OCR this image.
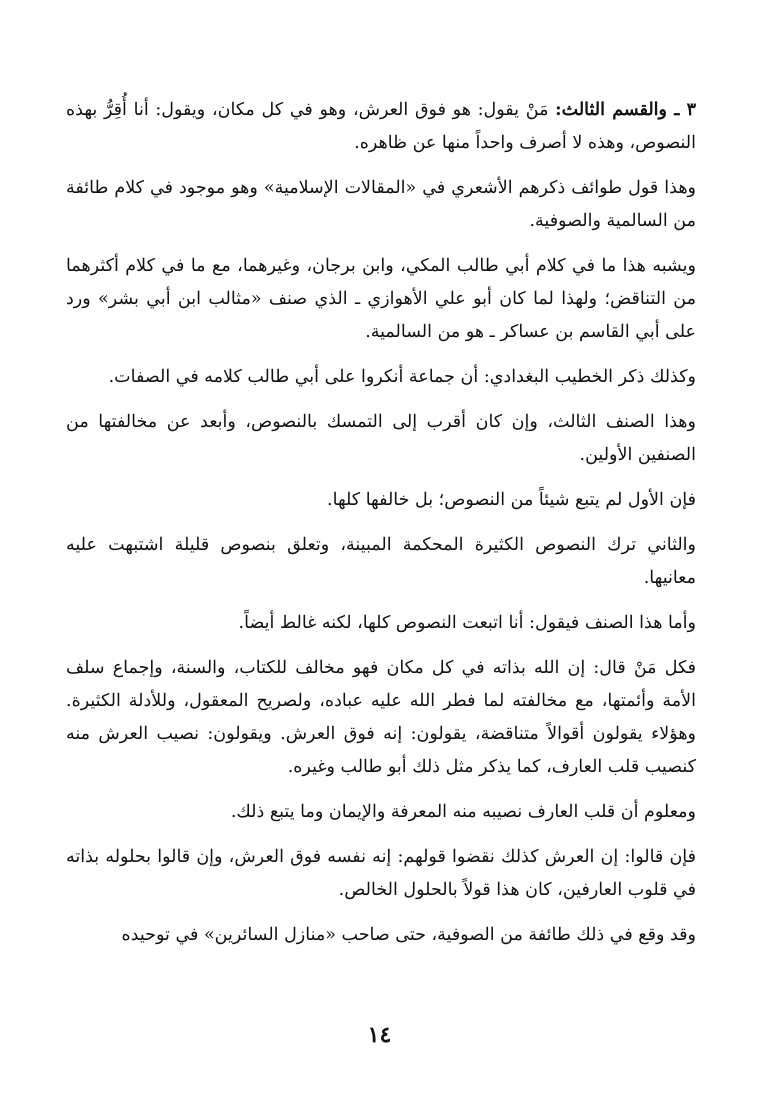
٣ ـ والقسم الثالث: مَنْ يقول: هو فوق العرش، وهو في كل مكان، ويقول: أنا أُقِرُّ بهذه النصوص، وهذه لا أصرف واحداً منها عن ظاهره.

وهذا قول طوائف ذكرهم الأشعري في «المقالات الإسلامية» وهو موجود في كلام طائفة من السالمية والصوفية.

ويشبه هذا ما في كلام أبي طالب المكي، وابن برجان، وغيرهما، مع ما في كلام أكثرهما من التناقض؛ ولهذا لما كان أبو علي الأهوازي ـ الذي صنف «مثالب ابن أبي بشر» ورد على أبي القاسم بن عساكر ـ هو من السالمية.

وكذلك ذكر الخطيب البغدادي: أن جماعة أنكروا على أبي طالب كلامه في الصفات.

وهذا الصنف الثالث، وإن كان أقرب إلى التمسك بالنصوص، وأبعد عن مخالفتها من الصنفين الأولين.

فإن الأول لم يتبع شيئاً من النصوص؛ بل خالفها كلها.

والثاني ترك النصوص الكثيرة المحكمة المبينة، وتعلق بنصوص قليلة اشتبهت عليه معانيها.

وأما هذا الصنف فيقول: أنا اتبعت النصوص كلها، لكنه غالط أيضاً.

فكل مَنْ قال: إن الله بذاته في كل مكان فهو مخالف للكتاب، والسنة، وإجماع سلف الأمة وأئمتها، مع مخالفته لما فطر الله عليه عباده، ولصريح المعقول، وللأدلة الكثيرة. وهؤلاء يقولون أقوالاً متناقضة، يقولون: إنه فوق العرش. ويقولون: نصيب العرش منه كنصيب قلب العارف، كما يذكر مثل ذلك أبو طالب وغيره.

ومعلوم أن قلب العارف نصيبه منه المعرفة والإيمان وما يتبع ذلك.

فإن قالوا: إن العرش كذلك نقضوا قولهم: إنه نفسه فوق العرش، وإن قالوا بحلوله بذاته في قلوب العارفين، كان هذا قولاً بالحلول الخالص.

وقد وقع في ذلك طائفة من الصوفية، حتى صاحب «منازل السائرين» في توحيده

١٤
